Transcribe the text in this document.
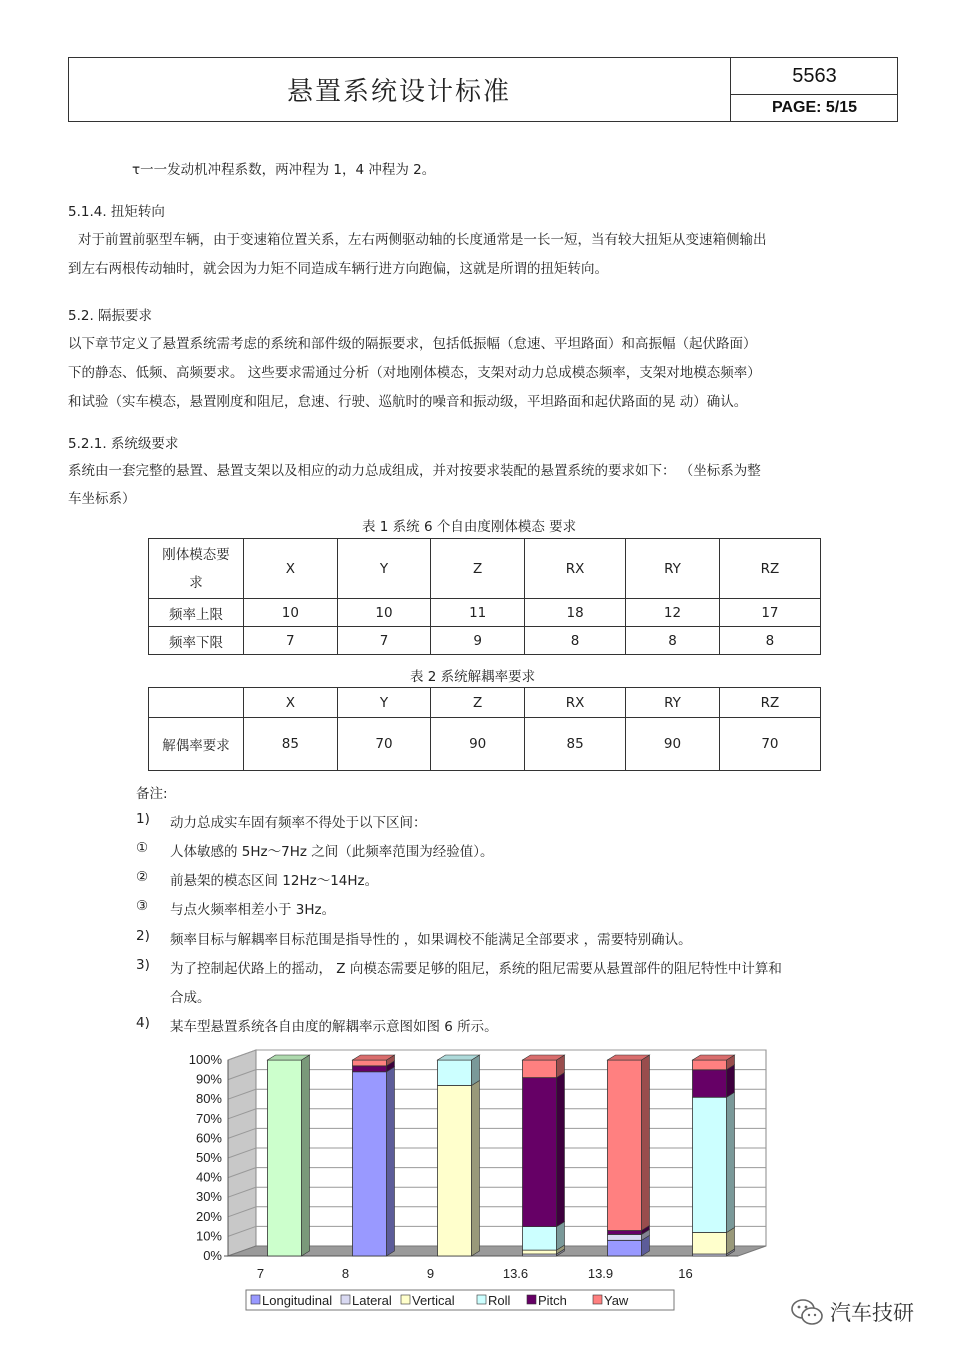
悬置系统设计标准
5563
PAGE: 5/15
τ一一发动机冲程系数，两冲程为 1，4 冲程为 2。
5.1.4. 扭矩转向
对于前置前驱型车辆，由于变速箱位置关系，左右两侧驱动轴的长度通常是一长一短，当有较大扭矩从变速箱侧输出
到左右两根传动轴时，就会因为力矩不同造成车辆行进方向跑偏，这就是所谓的扭矩转向。
5.2. 隔振要求
以下章节定义了悬置系统需考虑的系统和部件级的隔振要求，包括低振幅（怠速、平坦路面）和高振幅（起伏路面）
下的静态、低频、高频要求。 这些要求需通过分析（对地刚体模态，支架对动力总成模态频率，支架对地模态频率）
和试验（实车模态，悬置刚度和阻尼，怠速、行驶、巡航时的噪音和振动级，平坦路面和起伏路面的晃 动）确认。
5.2.1. 系统级要求
系统由一套完整的悬置、悬置支架以及相应的动力总成组成，并对按要求装配的悬置系统的要求如下： （坐标系为整
车坐标系）
表 1 系统 6 个自由度刚体模态 要求
刚体模态要
求	X	Y	Z	RX	RY	RZ
频率上限	10	10	11	18	12	17
频率下限	7	7	9	8	8	8
表 2 系统解耦率要求
	X	Y	Z	RX	RY	RZ
解偶率要求	85	70	90	85	90	70
备注:
1) 动力总成实车固有频率不得处于以下区间：
① 人体敏感的 5Hz～7Hz 之间（此频率范围为经验值）。
② 前悬架的模态区间 12Hz～14Hz。
③ 与点火频率相差小于 3Hz。
2) 频率目标与解耦率目标范围是指导性的 ，如果调校不能满足全部要求 ，需要特别确认。
3) 为了控制起伏路上的摇动， Z 向模态需要足够的阻尼，系统的阻尼需要从悬置部件的阻尼特性中计算和
合成。
4) 某车型悬置系统各自由度的解耦率示意图如图 6 所示。
0%
10%
20%
30%
40%
50%
60%
70%
80%
90%
100%
7	8	9	13.6	13.9	16
Longitudinal Lateral Vertical	Roll Pitch	Yaw
汽车技研
